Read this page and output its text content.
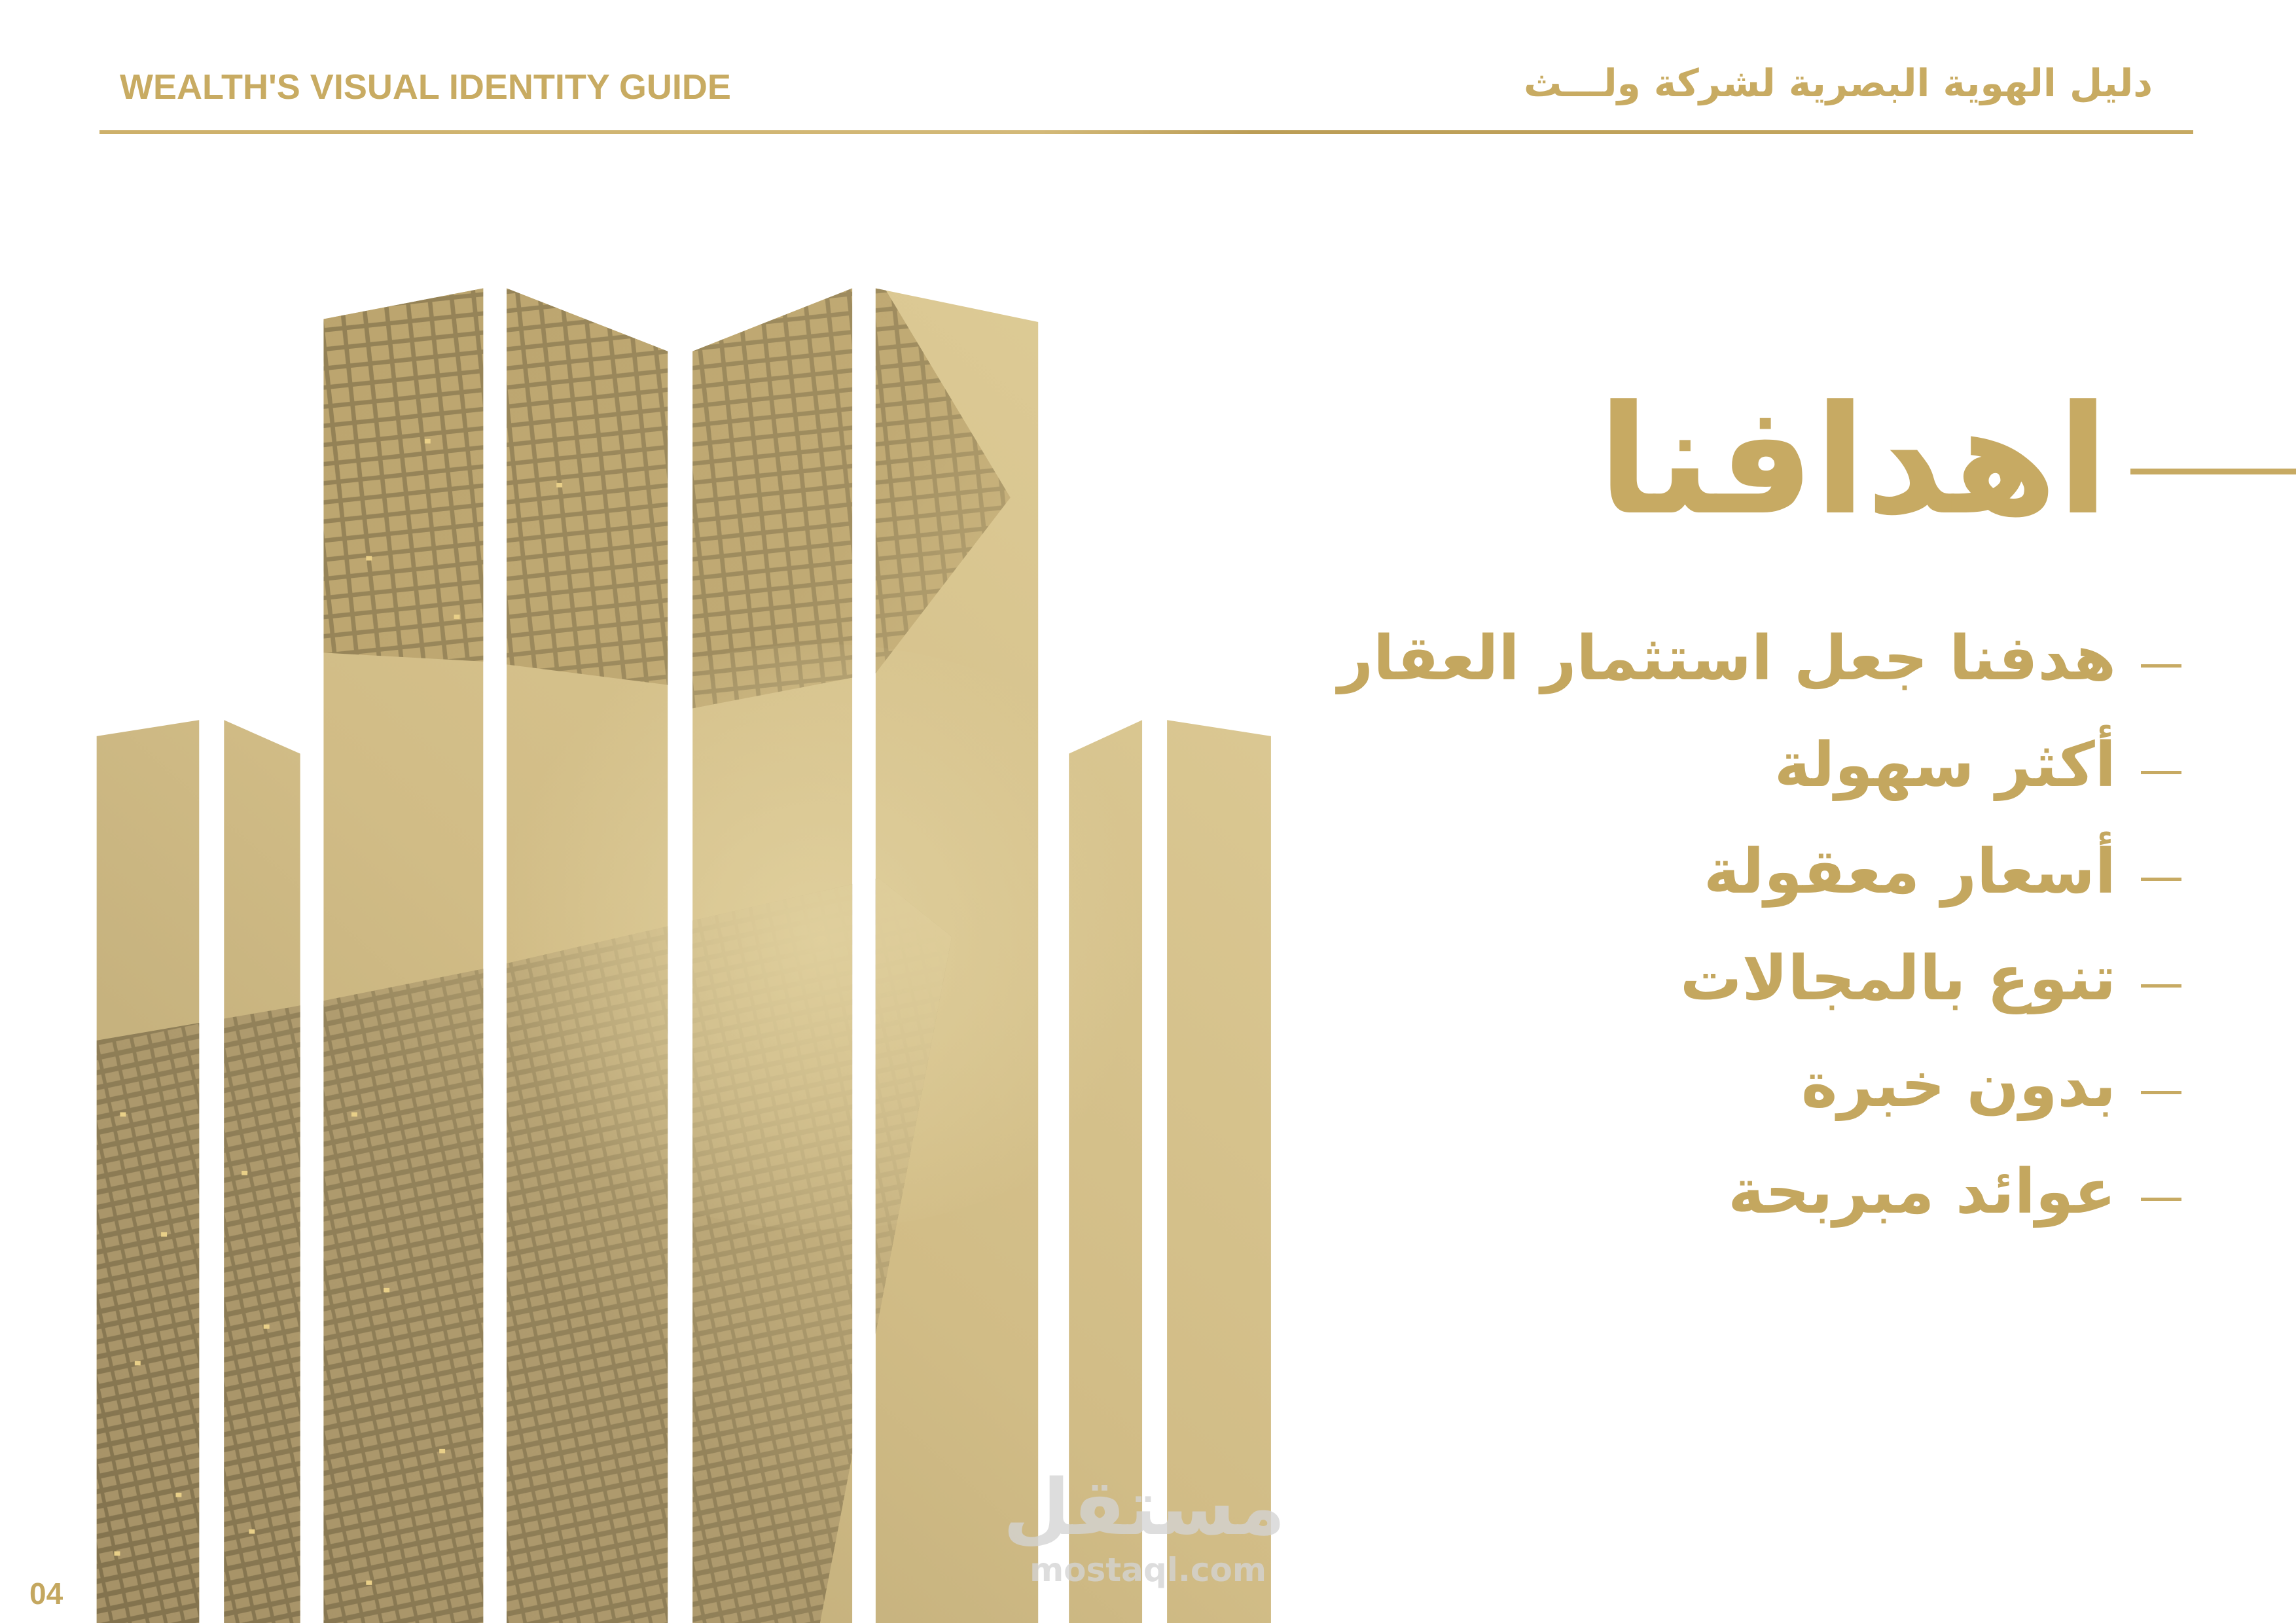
WEALTH'S VISUAL IDENTITY GUIDE	دليل الهوية البصرية لشركة ولـــث
اهدافنا
هدفنا جعل استثمار العقار
أكثر سهولة
أسعار معقولة
تنوع بالمجالات
بدون خبرة
عوائد مبربحة
مستقل
mostaql.com
04
